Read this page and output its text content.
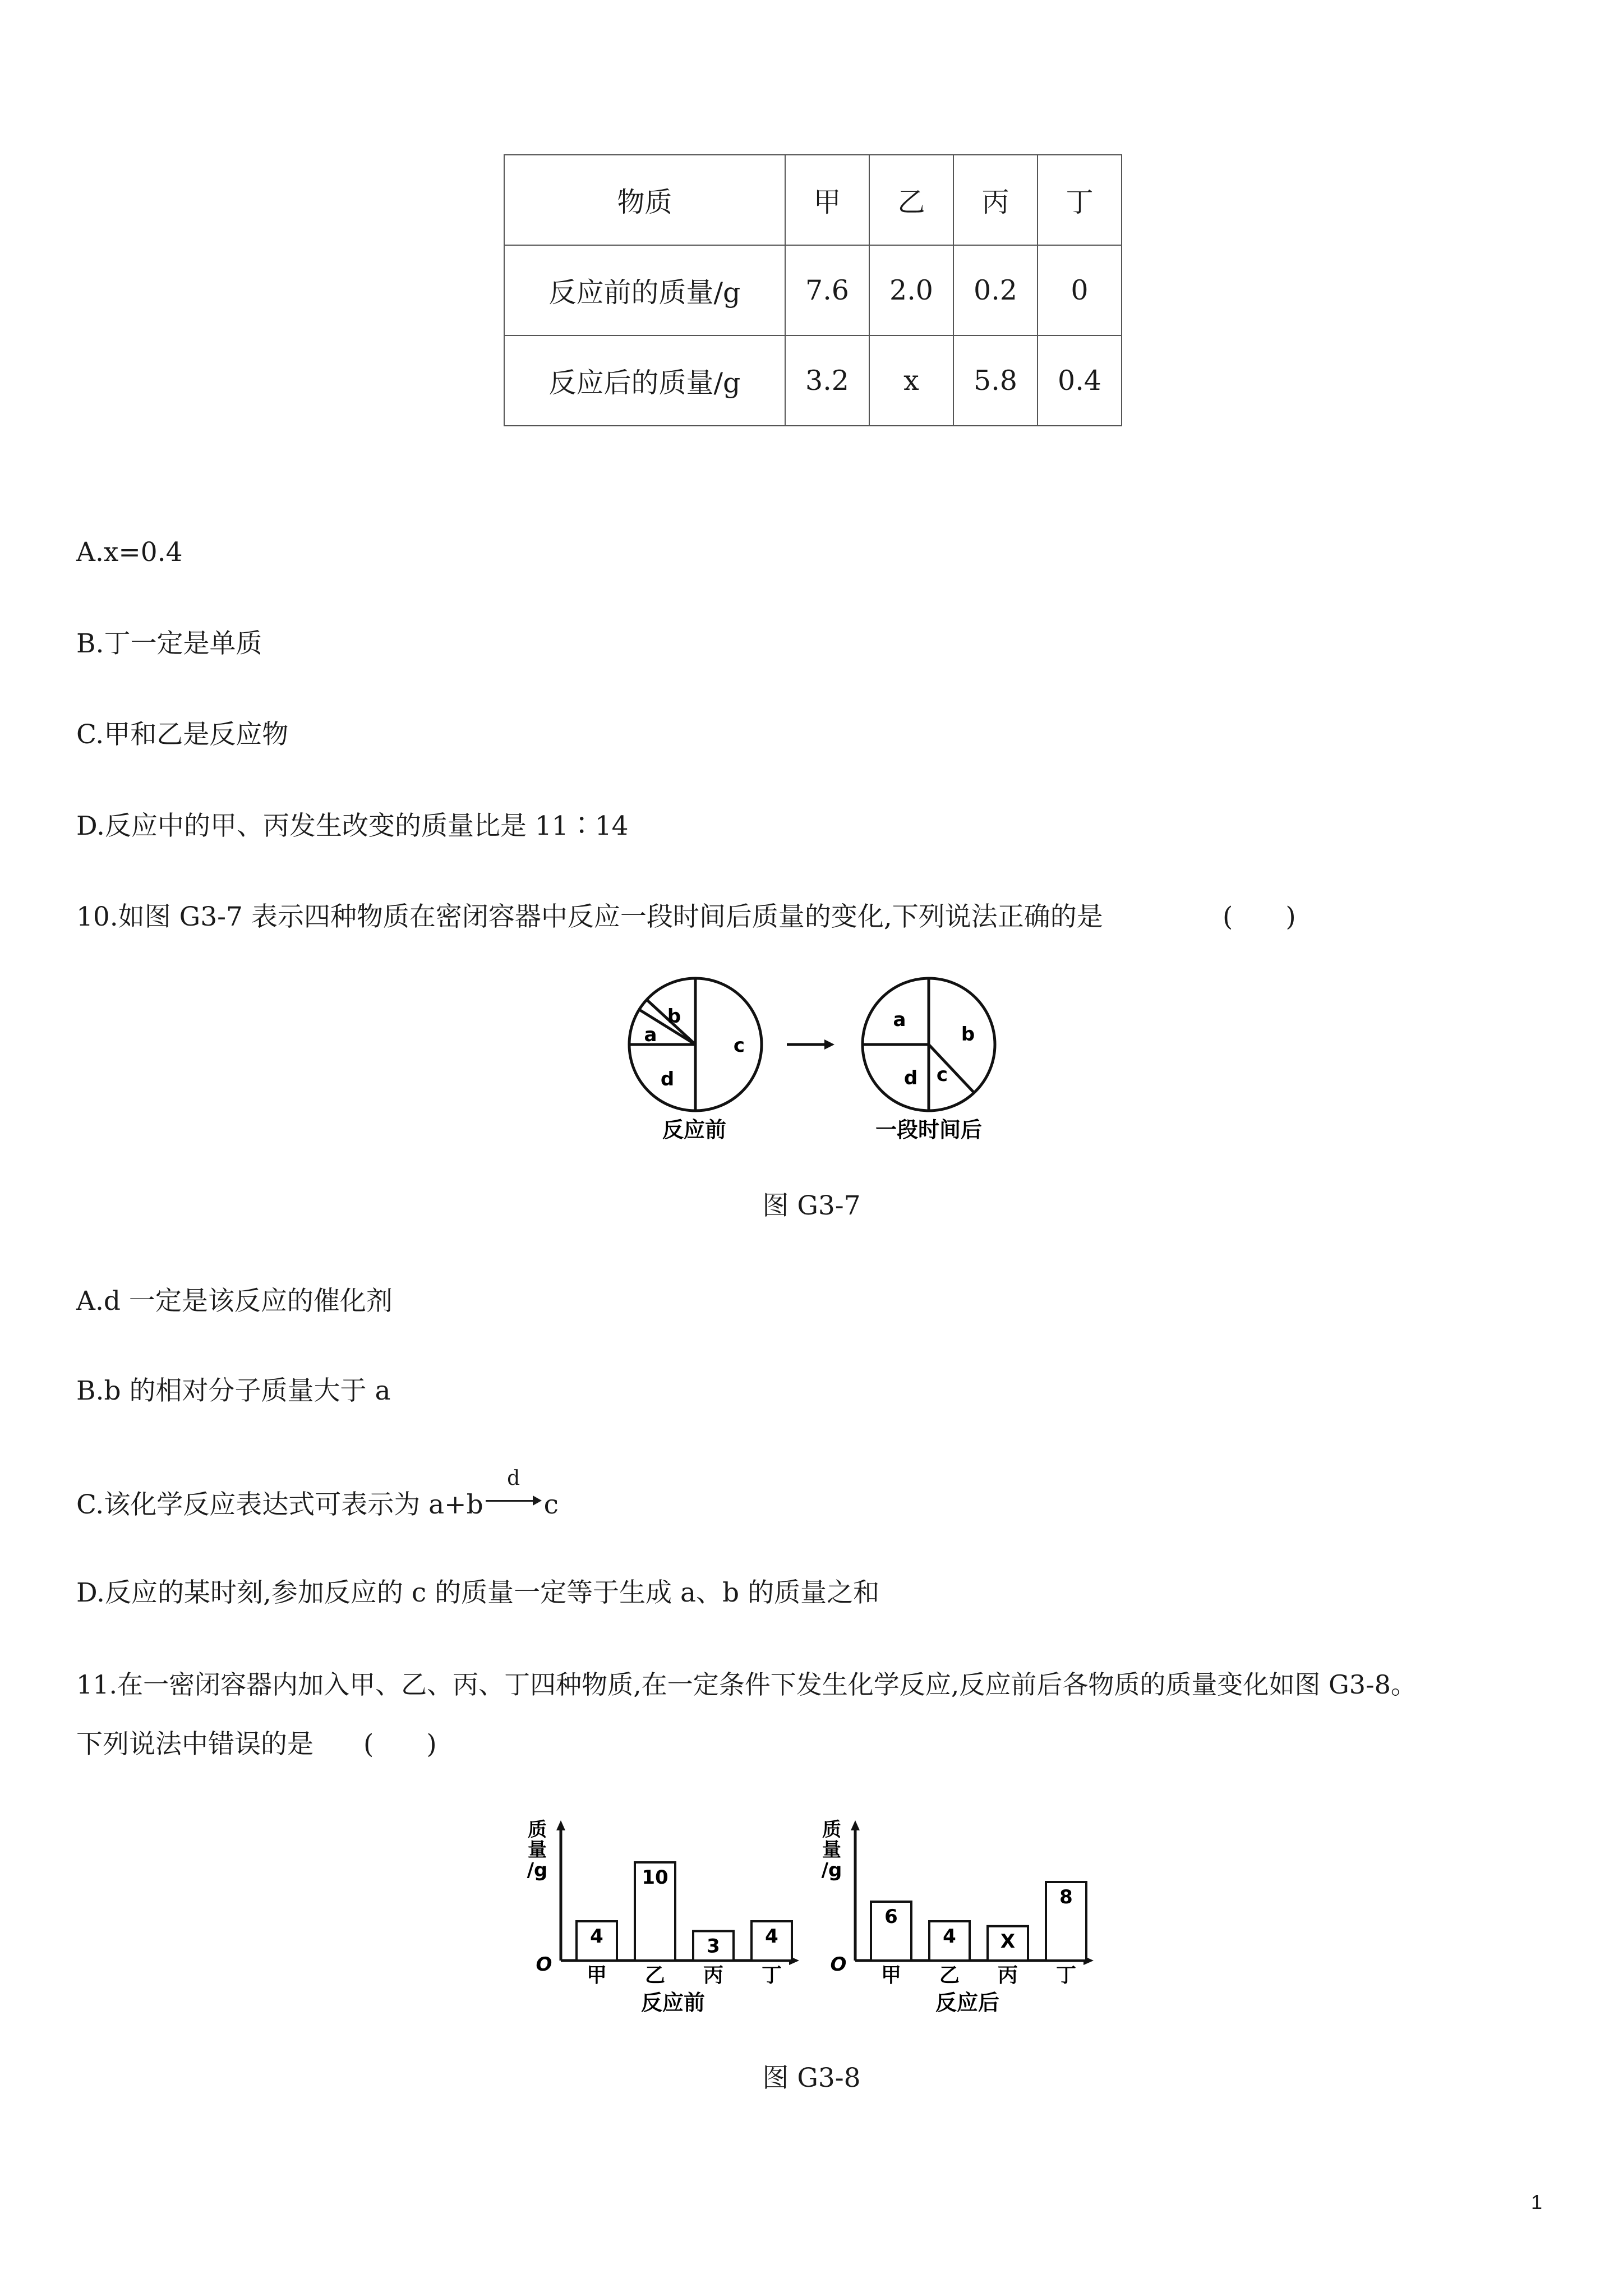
物质	甲	乙	丙	丁
反应前的质量/g	7.6	2.0	0.2	0
反应后的质量/g	3.2	x	5.8	0.4
A.x=0.4
B.丁一定是单质
C.甲和乙是反应物
D.反应中的甲、丙发生改变的质量比是 11∶14
10.如图 G3-7 表示四种物质在密闭容器中反应一段时间后质量的变化,下列说法正确的是	(　　)
b
a	c
d
反应前
a
b
c
d
一段时间后
图 G3-7
A.d 一定是该反应的催化剂
B.b 的相对分子质量大于 a
C.该化学反应表达式可表示为 a+b
d
c
D.反应的某时刻,参加反应的 c 的质量一定等于生成 a、b 的质量之和
11.在一密闭容器内加入甲、乙、丙、丁四种物质,在一定条件下发生化学反应,反应前后各物质的质量变化如图 G3-8。
下列说法中错误的是 (　　)
质
量
/g
O
4
甲
10
乙
3
丙
4
丁
反应前
质
量
/g
O
6
甲
4
乙
X
丙
8
丁
反应后
图 G3-8
1
